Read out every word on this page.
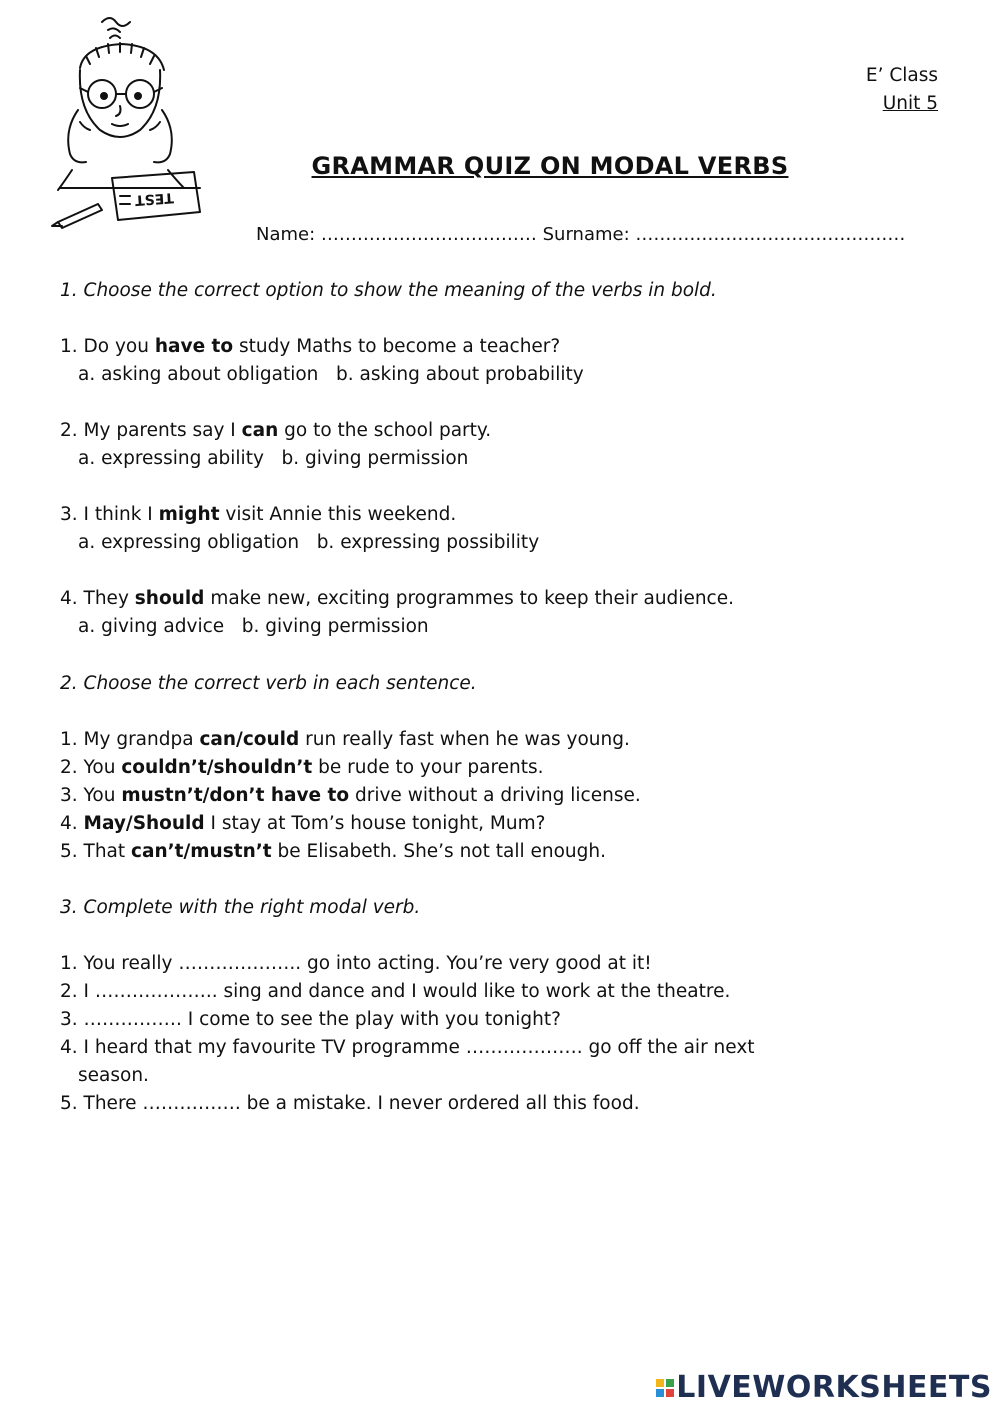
TEST
E’ Class
Unit 5
GRAMMAR QUIZ ON MODAL VERBS
Name: ……………………………… Surname: ………………………………………
1. Choose the correct option to show the meaning of the verbs in bold.
1. Do you have to study Maths to become a teacher?
a. asking about obligation   b. asking about probability
2. My parents say I can go to the school party.
a. expressing ability   b. giving permission
3. I think I might visit Annie this weekend.
a. expressing obligation   b. expressing possibility
4. They should make new, exciting programmes to keep their audience.
a. giving advice   b. giving permission
2. Choose the correct verb in each sentence.
1. My grandpa can/could run really fast when he was young.
2. You couldn’t/shouldn’t be rude to your parents.
3. You mustn’t/don’t have to drive without a driving license.
4. May/Should I stay at Tom’s house tonight, Mum?
5. That can’t/mustn’t be Elisabeth. She’s not tall enough.
3. Complete with the right modal verb.
1. You really ……………….. go into acting. You’re very good at it!
2. I ……………….. sing and dance and I would like to work at the theatre.
3. ……………. I come to see the play with you tonight?
4. I heard that my favourite TV programme ………………. go off the air next
season.
5. There ……………. be a mistake. I never ordered all this food.
LIVEWORKSHEETS
